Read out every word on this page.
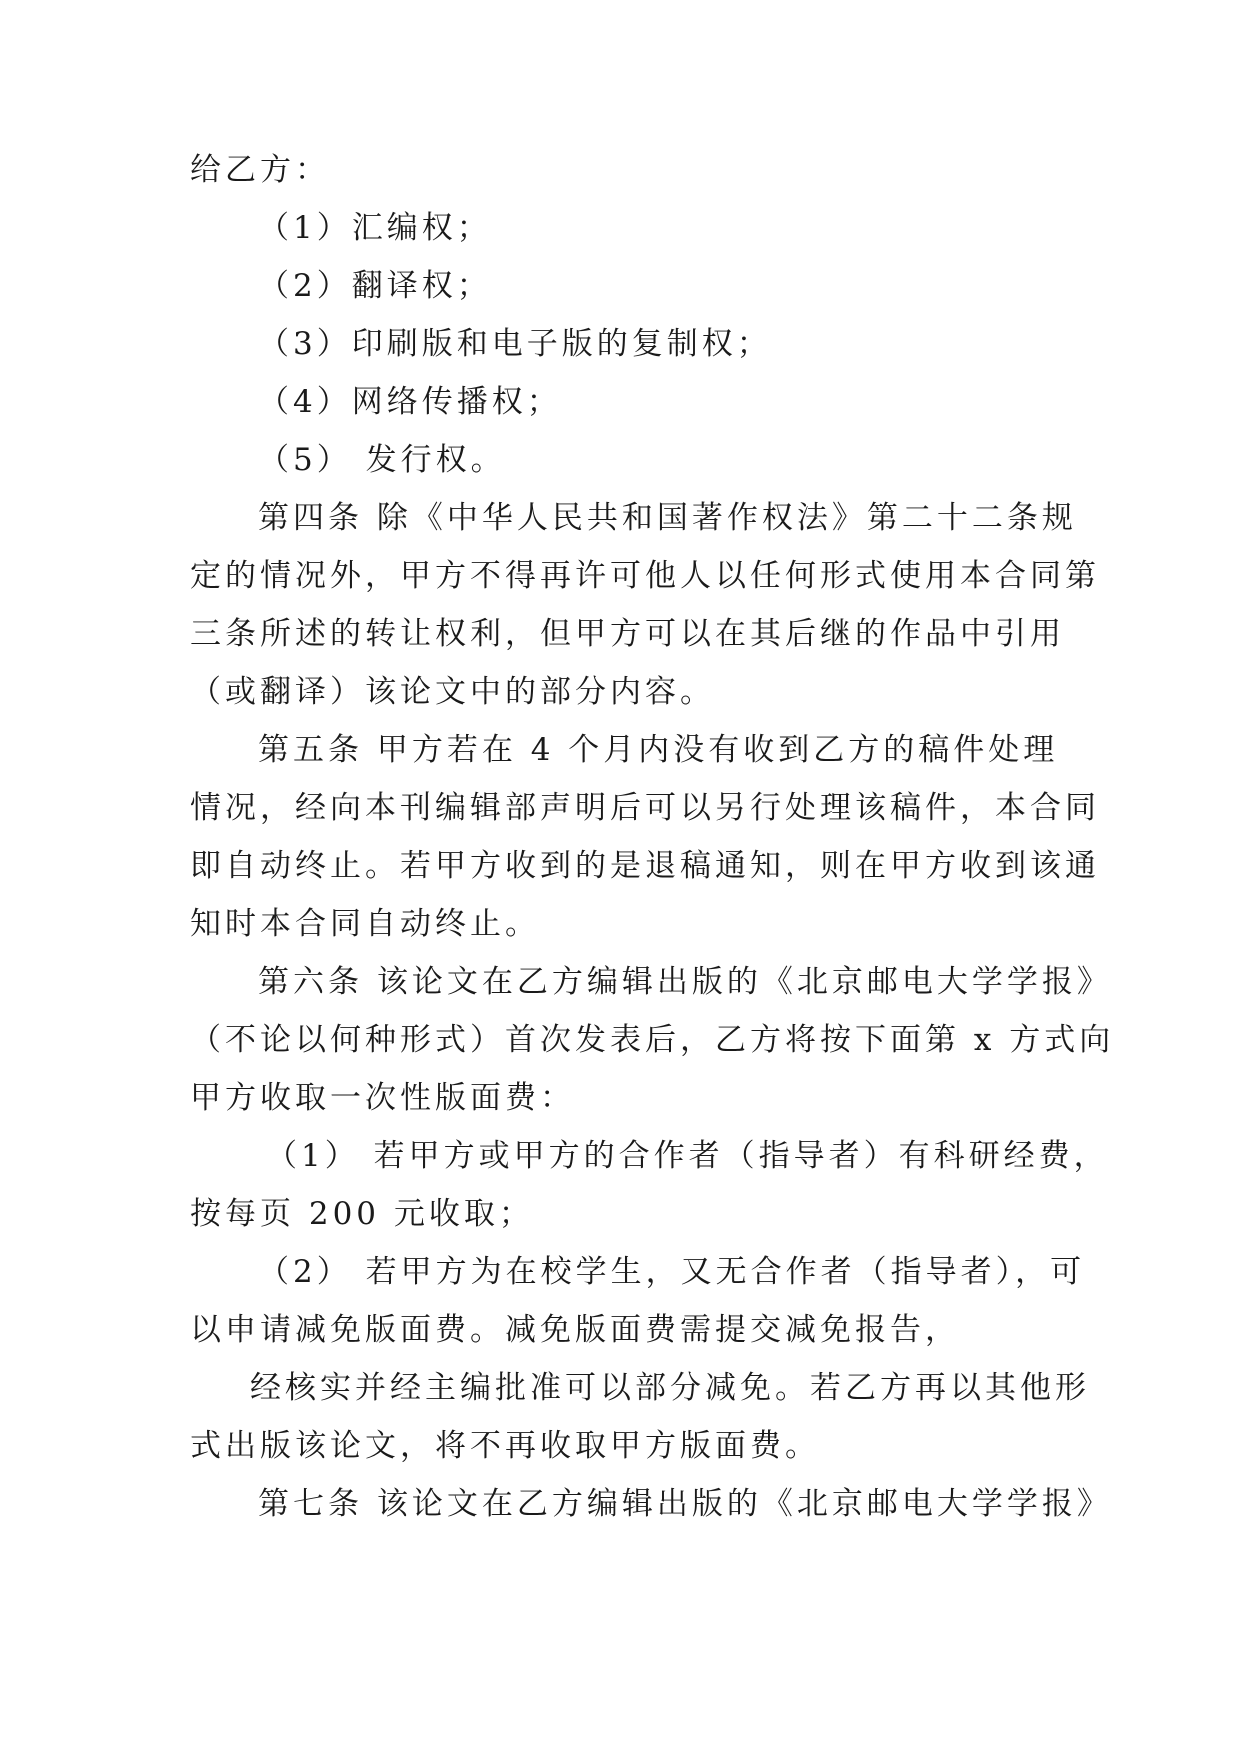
给乙方：
（1）汇编权；
（2）翻译权；
（3）印刷版和电子版的复制权；
（4）网络传播权；
（5） 发行权。
第四条 除《中华人民共和国著作权法》第二十二条规
定的情况外，甲方不得再许可他人以任何形式使用本合同第
三条所述的转让权利，但甲方可以在其后继的作品中引用
（或翻译）该论文中的部分内容。
第五条 甲方若在 4 个月内没有收到乙方的稿件处理
情况，经向本刊编辑部声明后可以另行处理该稿件，本合同
即自动终止。若甲方收到的是退稿通知，则在甲方收到该通
知时本合同自动终止。
第六条 该论文在乙方编辑出版的《北京邮电大学学报》
（不论以何种形式）首次发表后，乙方将按下面第 x 方式向
甲方收取一次性版面费：
（1） 若甲方或甲方的合作者（指导者）有科研经费，
按每页 200 元收取；
（2） 若甲方为在校学生，又无合作者（指导者），可
以申请减免版面费。减免版面费需提交减免报告，
经核实并经主编批准可以部分减免。若乙方再以其他形
式出版该论文，将不再收取甲方版面费。
第七条 该论文在乙方编辑出版的《北京邮电大学学报》
